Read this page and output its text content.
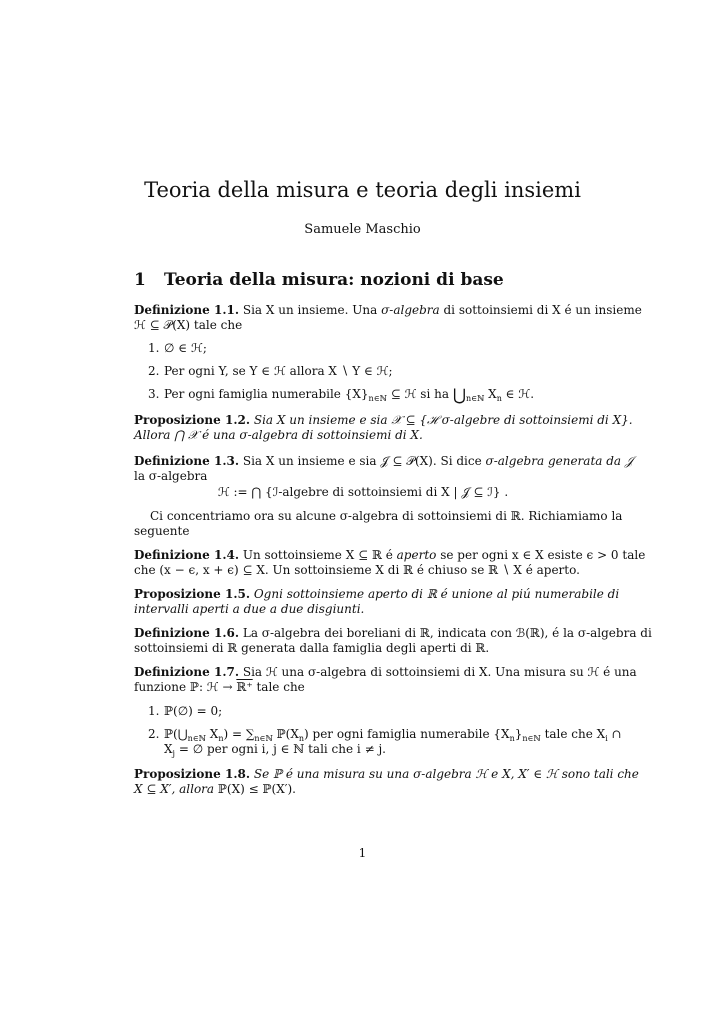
Teoria della misura e teoria degli insiemi
Samuele Maschio
1 Teoria della misura: nozioni di base
Definizione 1.1. Sia X un insieme. Una σ-algebra di sottoinsiemi di X é un insieme
ℋ ⊆ 𝒫(X) tale che
1. ∅ ∈ ℋ;
2. Per ogni Y, se Y ∈ ℋ allora X ∖ Y ∈ ℋ;
3. Per ogni famiglia numerabile $\{X\}_{n\in ℕ}$ ⊆ ℋ si ha $⋃_{n\in ℕ}$ $X_n$ ∈ ℋ.
Proposizione 1.2. Sia X un insieme e sia 𝒳 ⊆ {ℋ σ-algebre di sottoinsiemi di X}.
Allora ⋂ 𝒳 é una σ-algebra di sottoinsiemi di X.
Definizione 1.3. Sia X un insieme e sia 𝒥 ⊆ 𝒫(X). Si dice σ-algebra generata da 𝒥
la σ-algebra
ℋ := ⋂ {ℐ-algebre di sottoinsiemi di X | 𝒥 ⊆ ℐ} .
Ci concentriamo ora su alcune σ-algebra di sottoinsiemi di ℝ. Richiamiamo la
seguente
Definizione 1.4. Un sottoinsieme X ⊆ ℝ é aperto se per ogni x ∈ X esiste ϵ > 0 tale
che (x − ϵ, x + ϵ) ⊆ X. Un sottoinsieme X di ℝ é chiuso se ℝ ∖ X é aperto.
Proposizione 1.5. Ogni sottoinsieme aperto di ℝ é unione al piú numerabile di
intervalli aperti a due a due disgiunti.
Definizione 1.6. La σ-algebra dei boreliani di ℝ, indicata con ℬ(ℝ), é la σ-algebra di
sottoinsiemi di ℝ generata dalla famiglia degli aperti di ℝ.
Definizione 1.7. Sia ℋ una σ-algebra di sottoinsiemi di X. Una misura su ℋ é una
funzione ℙ: ℋ → ℝ⁺ tale che
1. ℙ(∅) = 0;
2. $ℙ(⋃_{n\in ℕ}$ $X_n) = \sum_{n\in ℕ}$ $ℙ(X_n)$ per ogni famiglia numerabile $\{X_n\}_{n\in ℕ}$ tale che $X_i$ ∩
$X_j$ = ∅ per ogni i, j ∈ ℕ tali che i ≠ j.
Proposizione 1.8. Se ℙ é una misura su una σ-algebra ℋ e X, X′ ∈ ℋ sono tali che
X ⊆ X′, allora ℙ(X) ≤ ℙ(X′).
1
